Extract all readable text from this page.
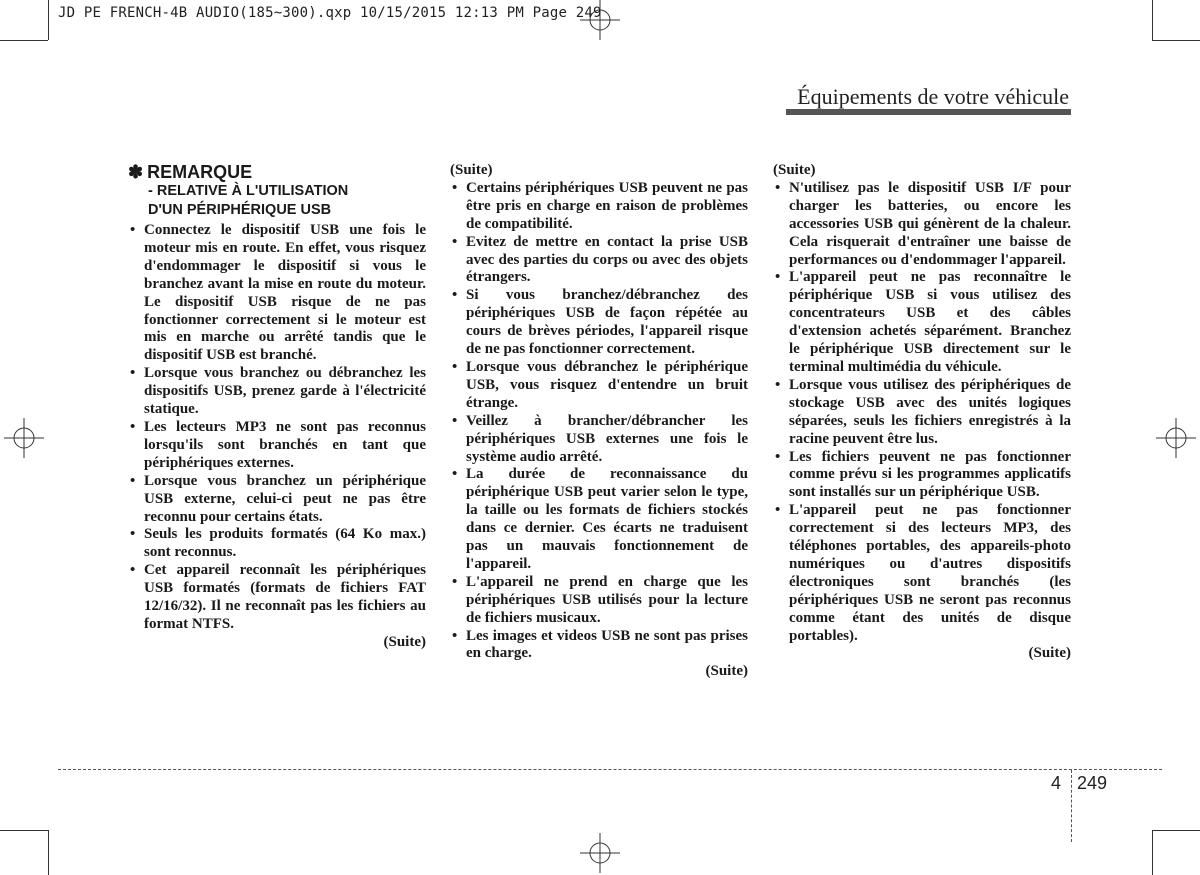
JD PE FRENCH-4B AUDIO(185~300).qxp 10/15/2015 12:13 PM Page 249
Équipements de votre véhicule
✽ REMARQUE
- RELATIVE À L'UTILISATION
D'UN PÉRIPHÉRIQUE USB
• Connectez le dispositif USB une fois le moteur mis en route. En effet, vous risquez d'endommager le dispositif si vous le branchez avant la mise en route du moteur. Le dispositif USB risque de ne pas fonctionner correctement si le moteur est mis en marche ou arrêté tandis que le dispositif USB est branché.
• Lorsque vous branchez ou débranchez les dispositifs USB, prenez garde à l'électricité statique.
• Les lecteurs MP3 ne sont pas reconnus lorsqu'ils sont branchés en tant que périphériques externes.
• Lorsque vous branchez un périphérique USB externe, celui-ci peut ne pas être reconnu pour certains états.
• Seuls les produits formatés (64 Ko max.) sont reconnus.
• Cet appareil reconnaît les périphériques USB formatés (formats de fichiers FAT 12/16/32). Il ne reconnaît pas les fichiers au format NTFS.
(Suite)
(Suite)
• Certains périphériques USB peuvent ne pas être pris en charge en raison de problèmes de compatibilité.
• Evitez de mettre en contact la prise USB avec des parties du corps ou avec des objets étrangers.
• Si vous branchez/débranchez des périphériques USB de façon répétée au cours de brèves périodes, l'appareil risque de ne pas fonctionner correctement.
• Lorsque vous débranchez le périphérique USB, vous risquez d'entendre un bruit étrange.
• Veillez à brancher/débrancher les périphériques USB externes une fois le système audio arrêté.
• La durée de reconnaissance du périphérique USB peut varier selon le type, la taille ou les formats de fichiers stockés dans ce dernier. Ces écarts ne traduisent pas un mauvais fonctionnement de l'appareil.
• L'appareil ne prend en charge que les périphériques USB utilisés pour la lecture de fichiers musicaux.
• Les images et videos USB ne sont pas prises en charge.
(Suite)
(Suite)
• N'utilisez pas le dispositif USB I/F pour charger les batteries, ou encore les accessories USB qui génèrent de la chaleur. Cela risquerait d'entraîner une baisse de performances ou d'endommager l'appareil.
• L'appareil peut ne pas reconnaître le périphérique USB si vous utilisez des concentrateurs USB et des câbles d'extension achetés séparément. Branchez le périphérique USB directement sur le terminal multimédia du véhicule.
• Lorsque vous utilisez des périphériques de stockage USB avec des unités logiques séparées, seuls les fichiers enregistrés à la racine peuvent être lus.
• Les fichiers peuvent ne pas fonctionner comme prévu si les programmes applicatifs sont installés sur un périphérique USB.
• L'appareil peut ne pas fonctionner correctement si des lecteurs MP3, des téléphones portables, des appareils-photo numériques ou d'autres dispositifs électroniques sont branchés (les périphériques USB ne seront pas reconnus comme étant des unités de disque portables).
(Suite)
4 249
